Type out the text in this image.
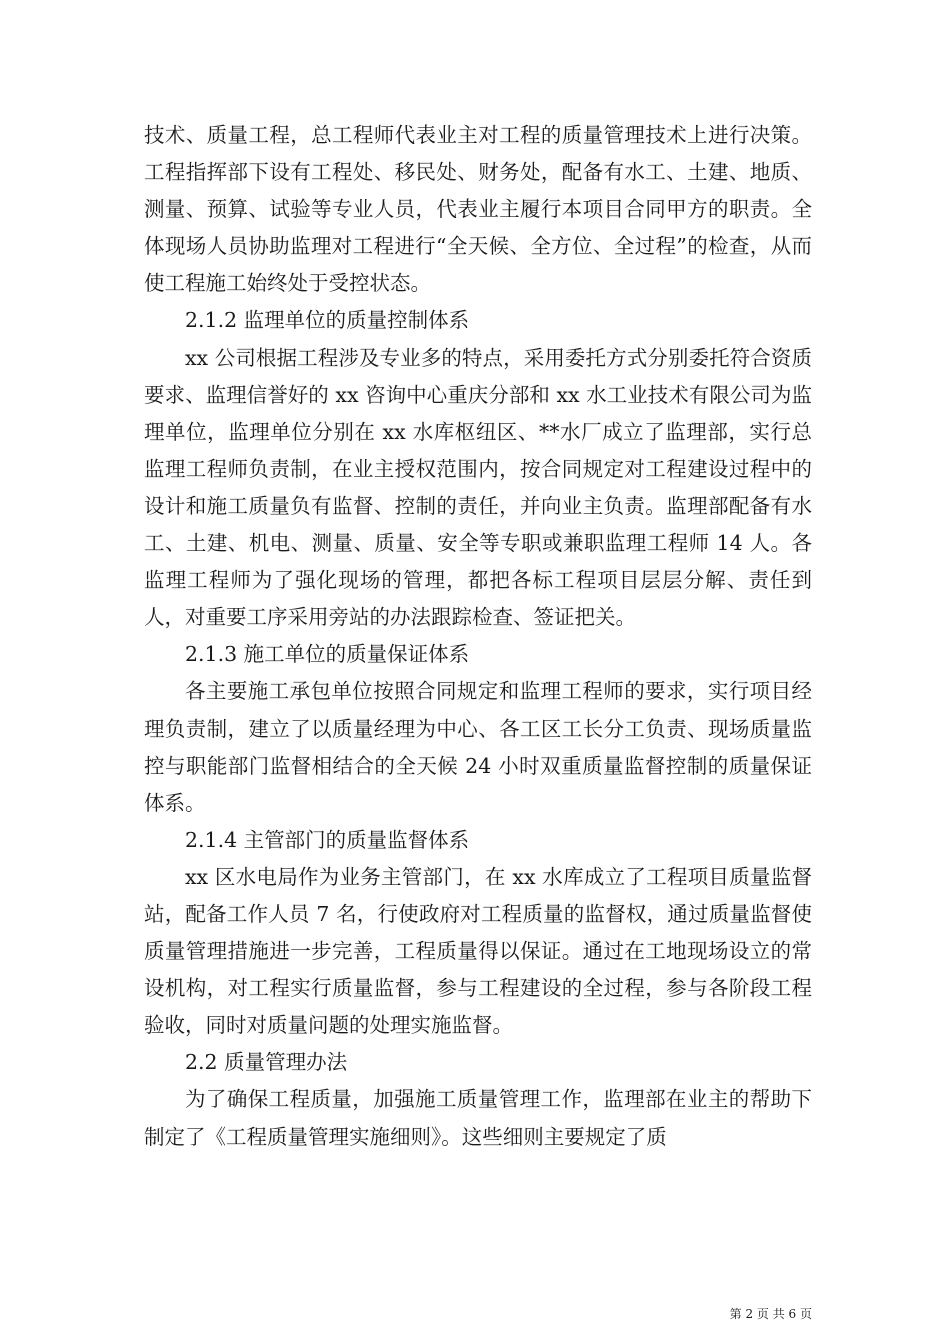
技术、质量工程，总工程师代表业主对工程的质量管理技术上进行决策。工程指挥部下设有工程处、移民处、财务处，配备有水工、土建、地质、测量、预算、试验等专业人员，代表业主履行本项目合同甲方的职责。全体现场人员协助监理对工程进行“全天候、全方位、全过程”的检查，从而使工程施工始终处于受控状态。

2.1.2 监理单位的质量控制体系

xx 公司根据工程涉及专业多的特点，采用委托方式分别委托符合资质要求、监理信誉好的 xx 咨询中心重庆分部和 xx 水工业技术有限公司为监理单位，监理单位分别在 xx 水库枢纽区、**水厂成立了监理部，实行总监理工程师负责制，在业主授权范围内，按合同规定对工程建设过程中的设计和施工质量负有监督、控制的责任，并向业主负责。监理部配备有水工、土建、机电、测量、质量、安全等专职或兼职监理工程师 14 人。各监理工程师为了强化现场的管理，都把各标工程项目层层分解、责任到人，对重要工序采用旁站的办法跟踪检查、签证把关。

2.1.3 施工单位的质量保证体系

各主要施工承包单位按照合同规定和监理工程师的要求，实行项目经理负责制，建立了以质量经理为中心、各工区工长分工负责、现场质量监控与职能部门监督相结合的全天候 24 小时双重质量监督控制的质量保证体系。

2.1.4 主管部门的质量监督体系

xx 区水电局作为业务主管部门，在 xx 水库成立了工程项目质量监督站，配备工作人员 7 名，行使政府对工程质量的监督权，通过质量监督使质量管理措施进一步完善，工程质量得以保证。通过在工地现场设立的常设机构，对工程实行质量监督，参与工程建设的全过程，参与各阶段工程验收，同时对质量问题的处理实施监督。

2.2 质量管理办法

为了确保工程质量，加强施工质量管理工作，监理部在业主的帮助下制定了《工程质量管理实施细则》。这些细则主要规定了质

第 2 页 共 6 页
